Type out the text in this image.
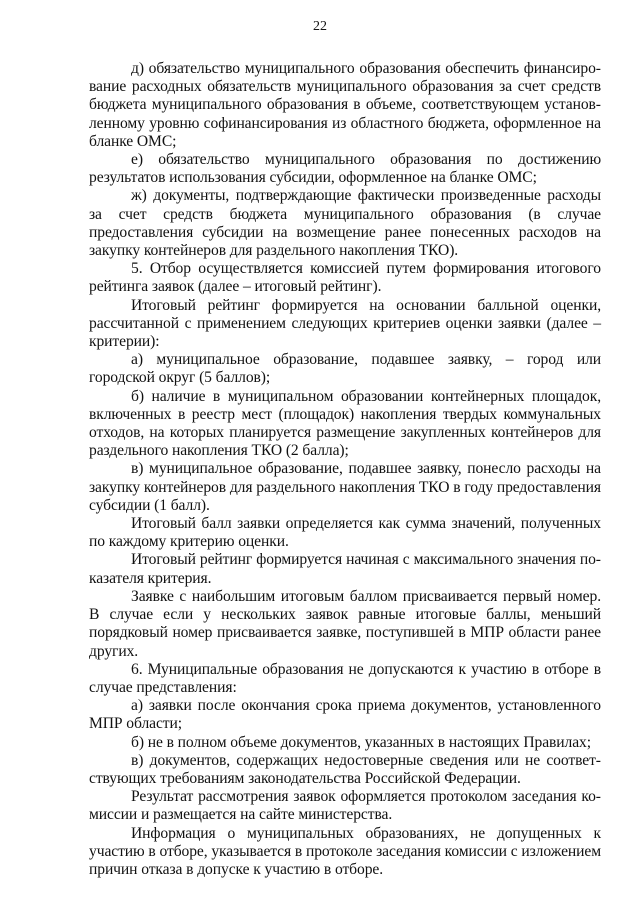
22

д) обязательство муниципального образования обеспечить финансирование расходных обязательств муниципального образования за счет средств бюджета муниципального образования в объеме, соответствующем установленному уровню софинансирования из областного бюджета, оформленное на бланке ОМС;

е) обязательство муниципального образования по достижению результатов использования субсидии, оформленное на бланке ОМС;

ж) документы, подтверждающие фактически произведенные расходы за счет средств бюджета муниципального образования (в случае предоставления субсидии на возмещение ранее понесенных расходов на закупку контейнеров для раздельного накопления ТКО).

5. Отбор осуществляется комиссией путем формирования итогового рейтинга заявок (далее – итоговый рейтинг).

Итоговый рейтинг формируется на основании балльной оценки, рассчитанной с применением следующих критериев оценки заявки (далее – критерии):

а) муниципальное образование, подавшее заявку, – город или городской округ (5 баллов);

б) наличие в муниципальном образовании контейнерных площадок, включенных в реестр мест (площадок) накопления твердых коммунальных отходов, на которых планируется размещение закупленных контейнеров для раздельного накопления ТКО (2 балла);

в) муниципальное образование, подавшее заявку, понесло расходы на закупку контейнеров для раздельного накопления ТКО в году предоставления субсидии (1 балл).

Итоговый балл заявки определяется как сумма значений, полученных по каждому критерию оценки.

Итоговый рейтинг формируется начиная с максимального значения показателя критерия.

Заявке с наибольшим итоговым баллом присваивается первый номер. В случае если у нескольких заявок равные итоговые баллы, меньший порядковый номер присваивается заявке, поступившей в МПР области ранее других.

6. Муниципальные образования не допускаются к участию в отборе в случае представления:

а) заявки после окончания срока приема документов, установленного МПР области;

б) не в полном объеме документов, указанных в настоящих Правилах;

в) документов, содержащих недостоверные сведения или не соответствующих требованиям законодательства Российской Федерации.

Результат рассмотрения заявок оформляется протоколом заседания комиссии и размещается на сайте министерства.

Информация о муниципальных образованиях, не допущенных к участию в отборе, указывается в протоколе заседания комиссии с изложением причин отказа в допуске к участию в отборе.
